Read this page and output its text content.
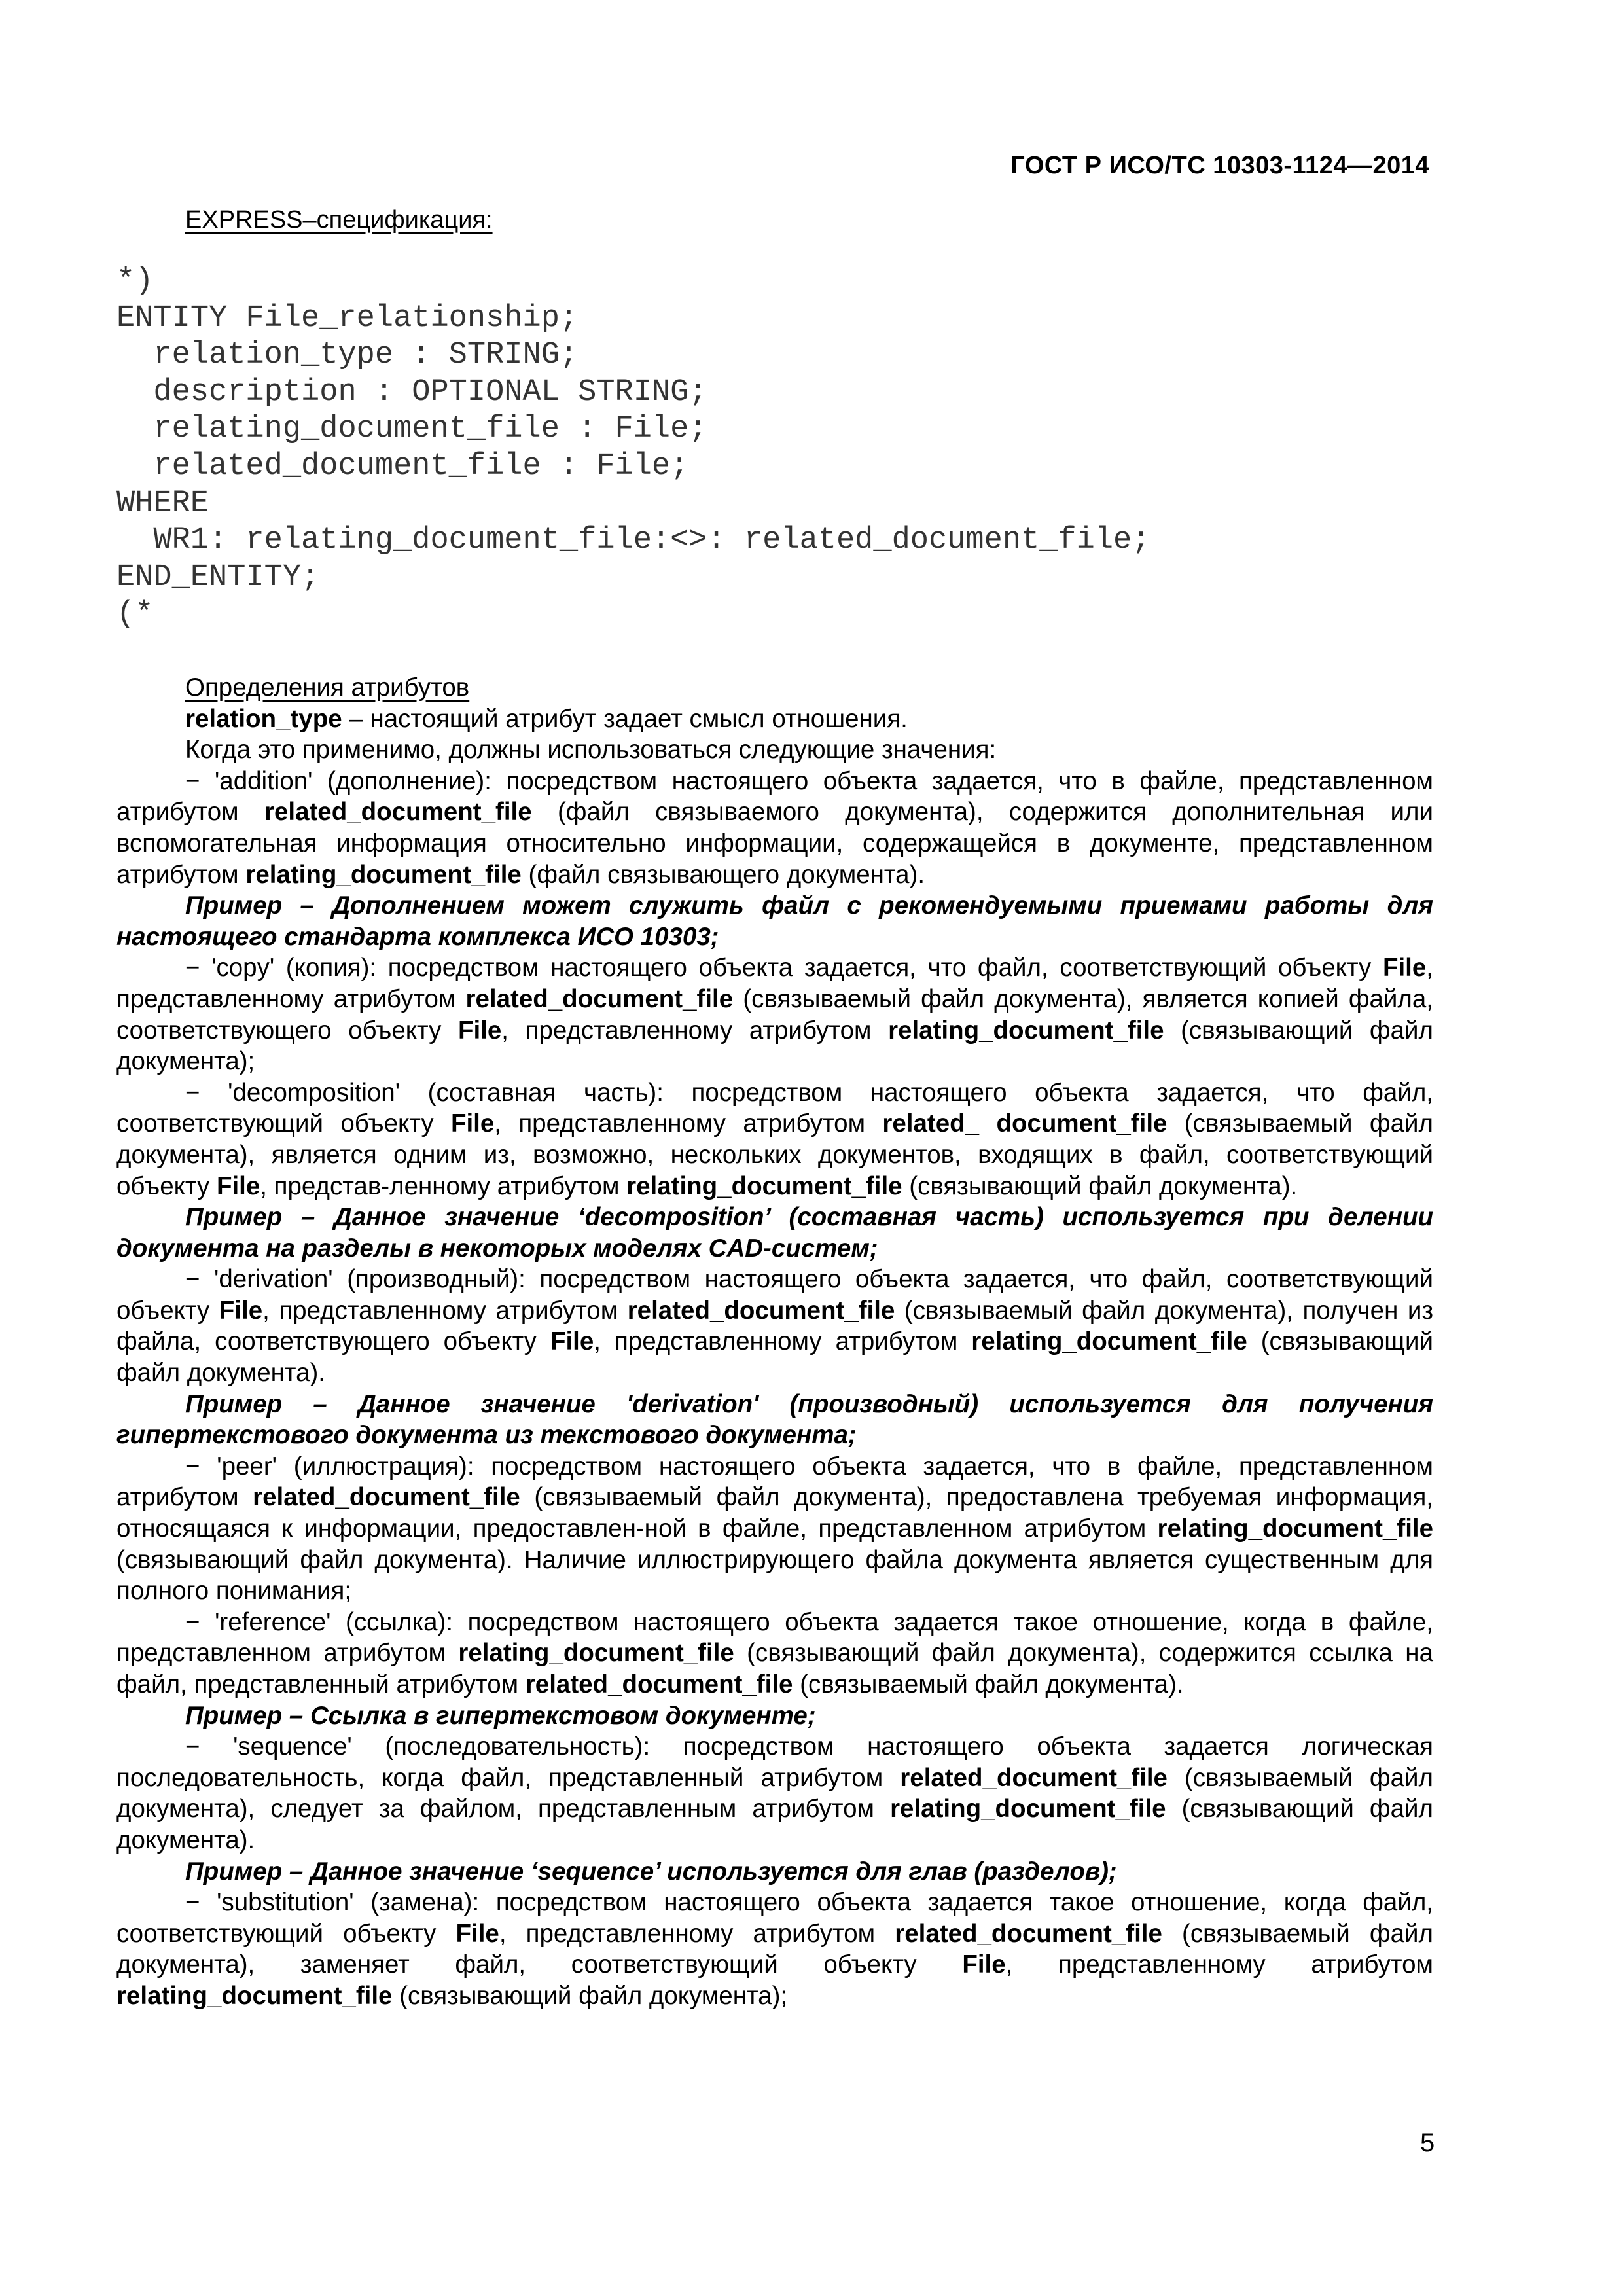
ГОСТ Р ИСО/ТС 10303-1124—2014
EXPRESS–спецификация:
*)
ENTITY File_relationship;
relation_type : STRING;
description : OPTIONAL STRING;
relating_document_file : File;
related_document_file : File;
WHERE
WR1: relating_document_file:<>: related_document_file;
END_ENTITY;
(*

Определения атрибутов

relation_type – настоящий атрибут задает смысл отношения.

Когда это применимо, должны использоваться следующие значения:

− 'addition' (дополнение): посредством настоящего объекта задается, что в файле, представленном атрибутом related_document_file (файл связываемого документа), содержится дополнительная или вспомогательная информация относительно информации, содержащейся в документе, представленном атрибутом relating_document_file (файл связывающего документа).

Пример – Дополнением может служить файл с рекомендуемыми приемами работы для настоящего стандарта комплекса ИСО 10303;

− 'copy' (копия): посредством настоящего объекта задается, что файл, соответствующий объекту File, представленному атрибутом related_document_file (связываемый файл документа), является копией файла, соответствующего объекту File, представленному атрибутом relating_document_file (связывающий файл документа);

− 'decomposition' (составная часть): посредством настоящего объекта задается, что файл, соответствующий объекту File, представленному атрибутом related_ document_file (связываемый файл документа), является одним из, возможно, нескольких документов, входящих в файл, соответствующий объекту File, представ-ленному атрибутом relating_document_file (связывающий файл документа).

Пример – Данное значение ‘decomposition’ (составная часть) используется при делении документа на разделы в некоторых моделях CAD-систем;

− 'derivation' (производный): посредством настоящего объекта задается, что файл, соответствующий объекту File, представленному атрибутом related_document_file (связываемый файл документа), получен из файла, соответствующего объекту File, представленному атрибутом relating_document_file (связывающий файл документа).

Пример – Данное значение 'derivation' (производный) используется для получения гипертекстового документа из текстового документа;

− 'peer' (иллюстрация): посредством настоящего объекта задается, что в файле, представленном атрибутом related_document_file (связываемый файл документа), предоставлена требуемая информация, относящаяся к информации, предоставлен-ной в файле, представленном атрибутом relating_document_file (связывающий файл документа). Наличие иллюстрирующего файла документа является существенным для полного понимания;

− 'reference' (ссылка): посредством настоящего объекта задается такое отношение, когда в файле, представленном атрибутом relating_document_file (связывающий файл документа), содержится ссылка на файл, представленный атрибутом related_document_file (связываемый файл документа).

Пример – Ссылка в гипертекстовом документе;

− 'sequence' (последовательность): посредством настоящего объекта задается логическая последовательность, когда файл, представленный атрибутом related_document_file (связываемый файл документа), следует за файлом, представленным атрибутом relating_document_file (связывающий файл документа).

Пример – Данное значение ‘sequence’ используется для глав (разделов);

− 'substitution' (замена): посредством настоящего объекта задается такое отношение, когда файл, соответствующий объекту File, представленному атрибутом related_document_file (связываемый файл документа), заменяет файл, соответствующий объекту File, представленному атрибутом relating_document_file (связывающий файл документа);

5
